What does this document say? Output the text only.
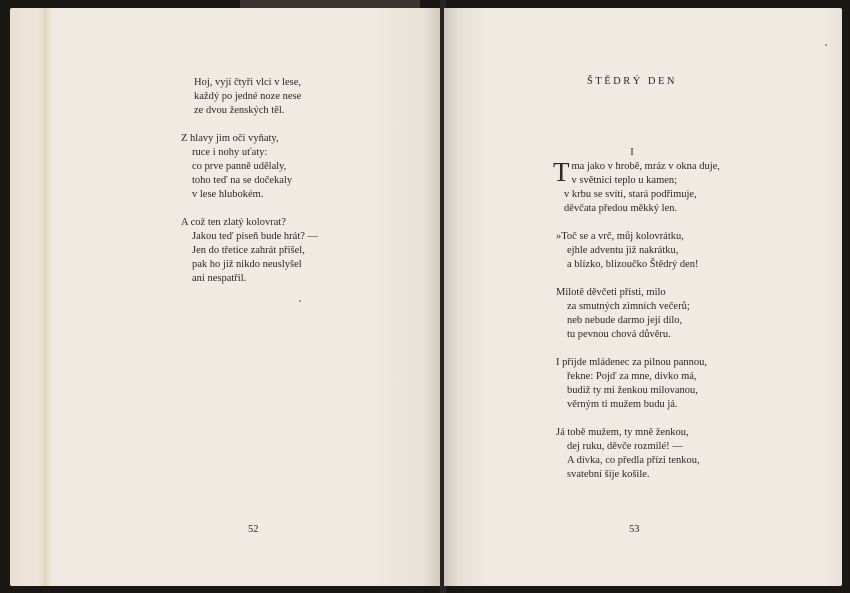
Hoj, vyjí čtyři vlci v lese,
každý po jedné noze nese
ze dvou ženských těl.
Z hlavy jim oči vyňaty,
ruce i nohy uťaty:
co prve panně udělaly,
toho teď na se dočekaly
v lese hlubokém.
A což ten zlatý kolovrat?
Jakou teď píseň bude hrát? —
Jen do třetice zahrát přišel,
pak ho již nikdo neuslyšel
ani nespatřil.
52
ŠTĚDRÝ DEN
I
T ma jako v hrobě, mráz v okna duje,
v světnici teplo u kamen;
v krbu se svítí, stará podřimuje,
děvčata předou měkký len.
»Toč se a vrč, můj kolovrátku,
ejhle adventu již nakrátku,
a blízko, blizoučko Štědrý den!
Milotě děvčeti přísti, milo
za smutných zimních večerů;
neb nebude darmo její dílo,
tu pevnou chová důvěru.
I přijde mládenec za pilnou pannou,
řekne: Pojď za mne, dívko má,
budiž ty mi ženkou milovanou,
věrným ti mužem budu já.
Já tobě mužem, ty mně ženkou,
dej ruku, děvče rozmilé! —
A dívka, co předla přízi tenkou,
svatební šije košile.
53
